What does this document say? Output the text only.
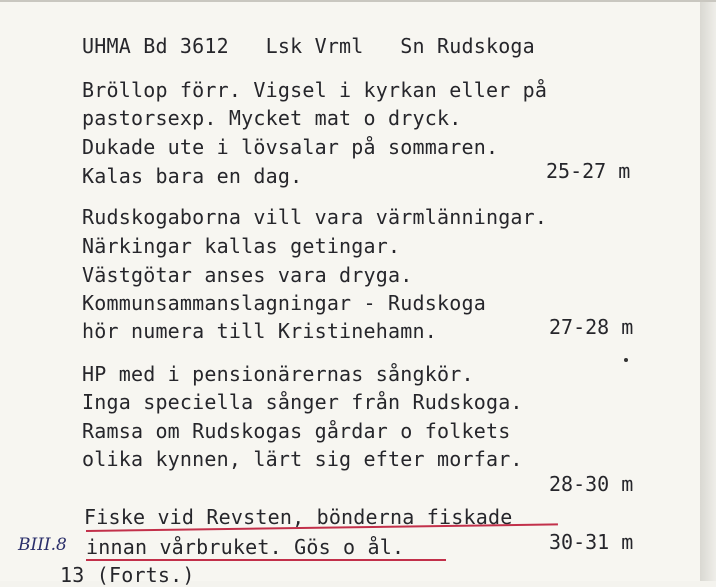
UHMA Bd 3612   Lsk Vrml   Sn Rudskoga
Bröllop förr. Vigsel i kyrkan eller på
pastorsexp. Mycket mat o dryck.
Dukade ute i lövsalar på sommaren.
Kalas bara en dag.	25-27 m
Rudskogaborna vill vara värmlänningar.
Närkingar kallas getingar.
Västgötar anses vara dryga.
Kommunsammanslagningar - Rudskoga
hör numera till Kristinehamn.	27-28 m
HP med i pensionärernas sångkör.
Inga speciella sånger från Rudskoga.
Ramsa om Rudskogas gårdar o folkets
olika kynnen, lärt sig efter morfar.
28-30 m
Fiske vid Revsten, bönderna fiskade
innan vårbruket. Gös o ål.	30-31 m
BIII.8
13 (Forts.)
